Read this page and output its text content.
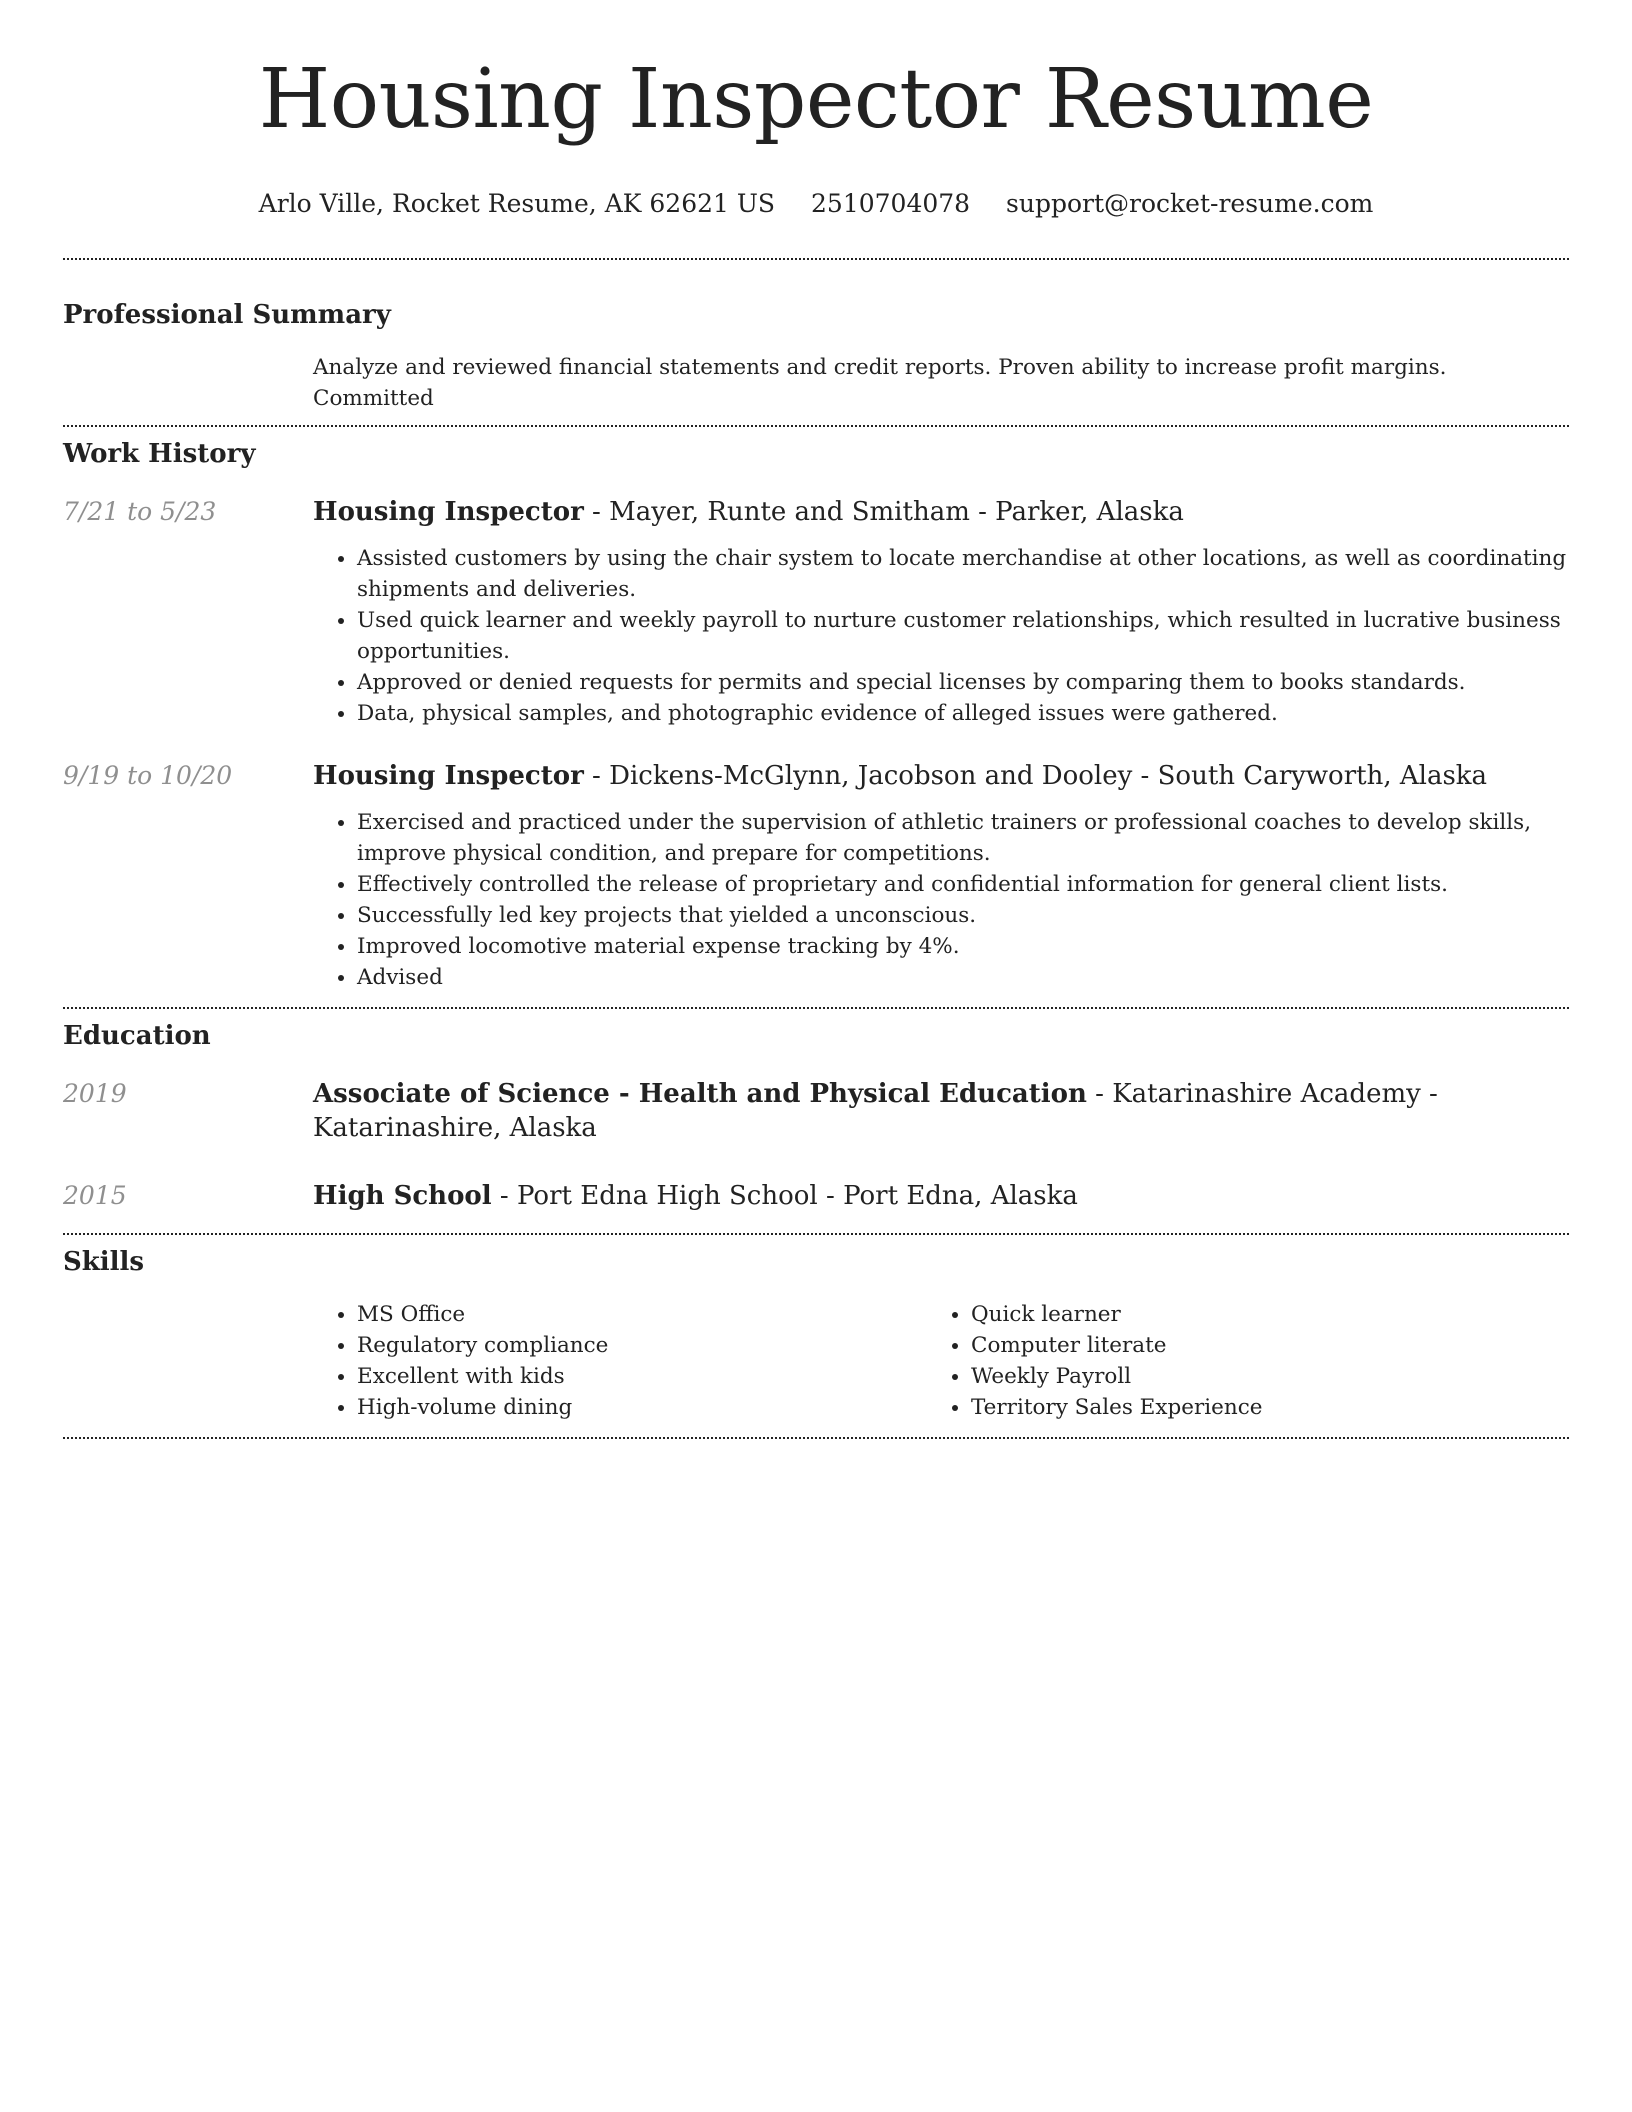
Housing Inspector Resume
Arlo Ville, Rocket Resume, AK 62621 US 2510704078 support@rocket-resume.com
Professional Summary
Analyze and reviewed financial statements and credit reports. Proven ability to increase profit margins. Committed
Work History
7/21 to 5/23	Housing Inspector - Mayer, Runte and Smitham - Parker, Alaska
• Assisted customers by using the chair system to locate merchandise at other locations, as well as coordinating shipments and deliveries.
• Used quick learner and weekly payroll to nurture customer relationships, which resulted in lucrative business opportunities.
• Approved or denied requests for permits and special licenses by comparing them to books standards.
• Data, physical samples, and photographic evidence of alleged issues were gathered.
9/19 to 10/20	Housing Inspector - Dickens-McGlynn, Jacobson and Dooley - South Caryworth, Alaska
• Exercised and practiced under the supervision of athletic trainers or professional coaches to develop skills, improve physical condition, and prepare for competitions.
• Effectively controlled the release of proprietary and confidential information for general client lists.
• Successfully led key projects that yielded a unconscious.
• Improved locomotive material expense tracking by 4%.
• Advised
Education
2019	Associate of Science - Health and Physical Education - Katarinashire Academy - Katarinashire, Alaska
2015	High School - Port Edna High School - Port Edna, Alaska
Skills
• MS Office
• Regulatory compliance
• Excellent with kids
• High-volume dining
• Quick learner
• Computer literate
• Weekly Payroll
• Territory Sales Experience
